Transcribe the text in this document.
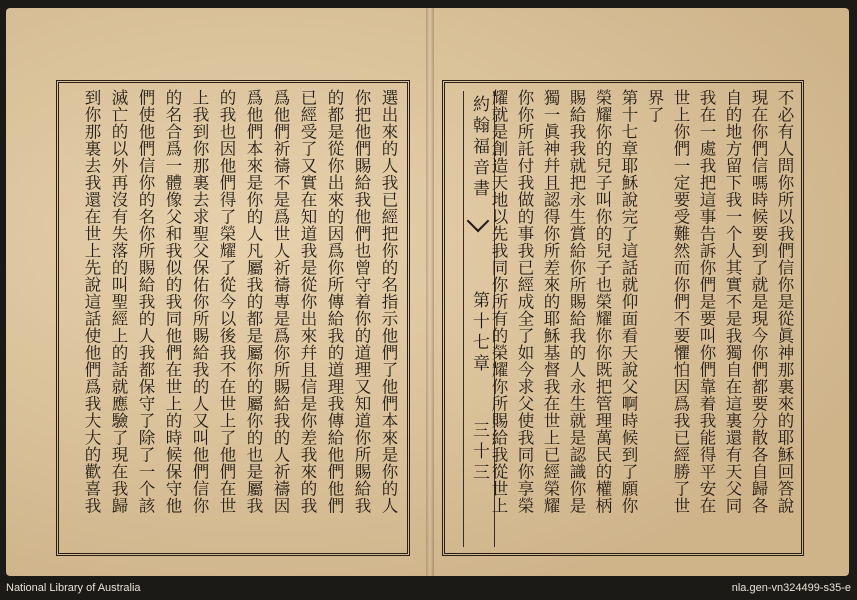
選出來的人我已經把你的名指示他們了他們本來是你的人
你把他們賜給我他們也曾守着你的道理又知道你所賜給我
的都是從你出來的因爲你所傳給我的道理我傳給他們他們
已經受了又實在知道我是從你出來幷且信是你差我來的我
爲他們祈禱不是爲世人祈禱專是爲你所賜給我的人祈禱因
爲他們本來是你的人凡屬我的都是屬你的屬你的也是屬我
的我也因他們得了榮耀了從今以後我不在世上了他們在世
上我到你那裏去求聖父保佑你所賜給我的人又叫他們信你
的名合爲一體像父和我似的我同他們在世上的時候保守他
們使他們信你的名你所賜給我的人我都保守了除了一个該
滅亡的以外再沒有失落的叫聖經上的話就應驗了現在我歸
到你那裏去我還在世上先說這話使他們爲我大大的歡喜我	約翰福音書
第十七章
三十三	不必有人問你所以我們信你是從眞神那裏來的耶穌回答說
現在你們信嗎時候要到了就是現今你們都要分散各自歸各
自的地方留下我一个人其實不是我獨自在這裏還有天父同
我在一處我把這事告訴你們是要叫你們靠着我能得平安在
世上你們一定要受難然而你們不要懼怕因爲我已經勝了世
界了
第十七章耶穌說完了這話就仰面看天說父啊時候到了願你
榮耀你的兒子叫你的兒子也榮耀你你既把管理萬民的權柄
賜給我我就把永生賞給你所賜給我的人永生就是認識你是
獨一眞神幷且認得你所差來的耶穌基督我在世上已經榮耀
你你所託付我做的事我已經成全了如今求父使我同你享榮
耀就是創造天地以先我同你所有的榮耀你所賜給我從世上
National Library of Australia	nla.gen-vn324499-s35-e
